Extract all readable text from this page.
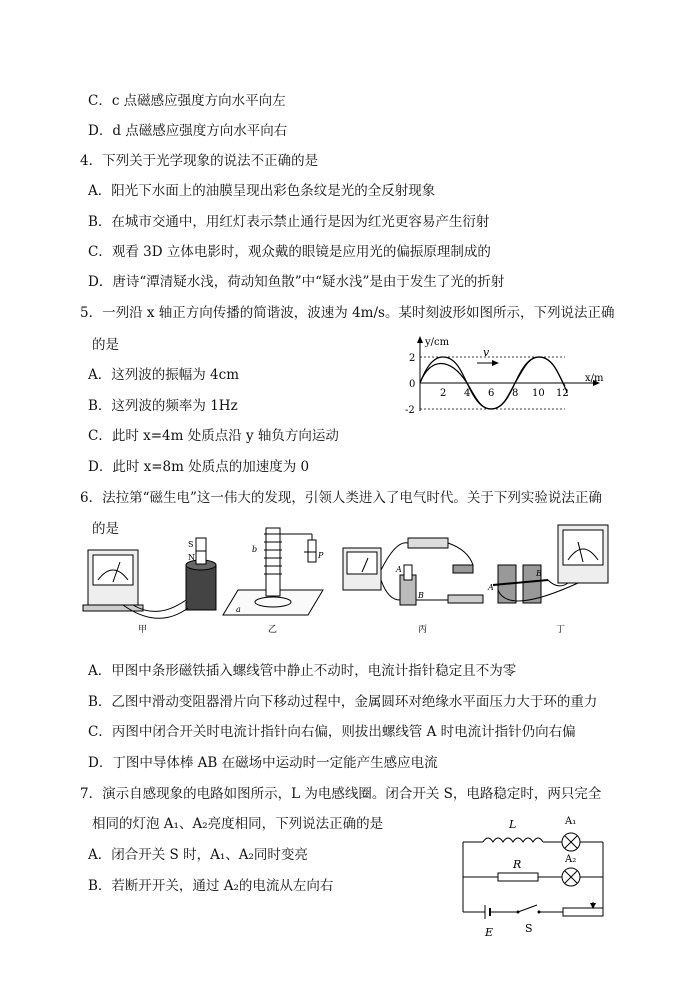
C．c 点磁感应强度方向水平向左
D．d 点磁感应强度方向水平向右
4．下列关于光学现象的说法不正确的是
A．阳光下水面上的油膜呈现出彩色条纹是光的全反射现象
B．在城市交通中，用红灯表示禁止通行是因为红光更容易产生衍射
C．观看 3D 立体电影时，观众戴的眼镜是应用光的偏振原理制成的
D．唐诗“潭清疑水浅，荷动知鱼散”中“疑水浅”是由于发生了光的折射
5．一列沿 x 轴正方向传播的简谐波，波速为 4m/s。某时刻波形如图所示，下列说法正确
的是
A．这列波的振幅为 4cm
B．这列波的频率为 1Hz
C．此时 x=4m 处质点沿 y 轴负方向运动
D．此时 x=8m 处质点的加速度为 0
v
y/cm
x/m
2
-2
0
2 4 6 8 10 12
6．法拉第“磁生电”这一伟大的发现，引领人类进入了电气时代。关于下列实验说法正确
的是
S
N
甲
P
b
a
乙
A
B
丙
A
B
丁
A．甲图中条形磁铁插入螺线管中静止不动时，电流计指针稳定且不为零
B．乙图中滑动变阻器滑片向下移动过程中，金属圆环对绝缘水平面压力大于环的重力
C．丙图中闭合开关时电流计指针向右偏，则拔出螺线管 A 时电流计指针仍向右偏
D．丁图中导体棒 AB 在磁场中运动时一定能产生感应电流
7．演示自感现象的电路如图所示，L 为电感线圈。闭合开关 S，电路稳定时，两只完全
相同的灯泡 A₁、A₂亮度相同，下列说法正确的是
A．闭合开关 S 时，A₁、A₂同时变亮
B．若断开开关，通过 A₂的电流从左向右
L	A₁
R	A₂
E	S
